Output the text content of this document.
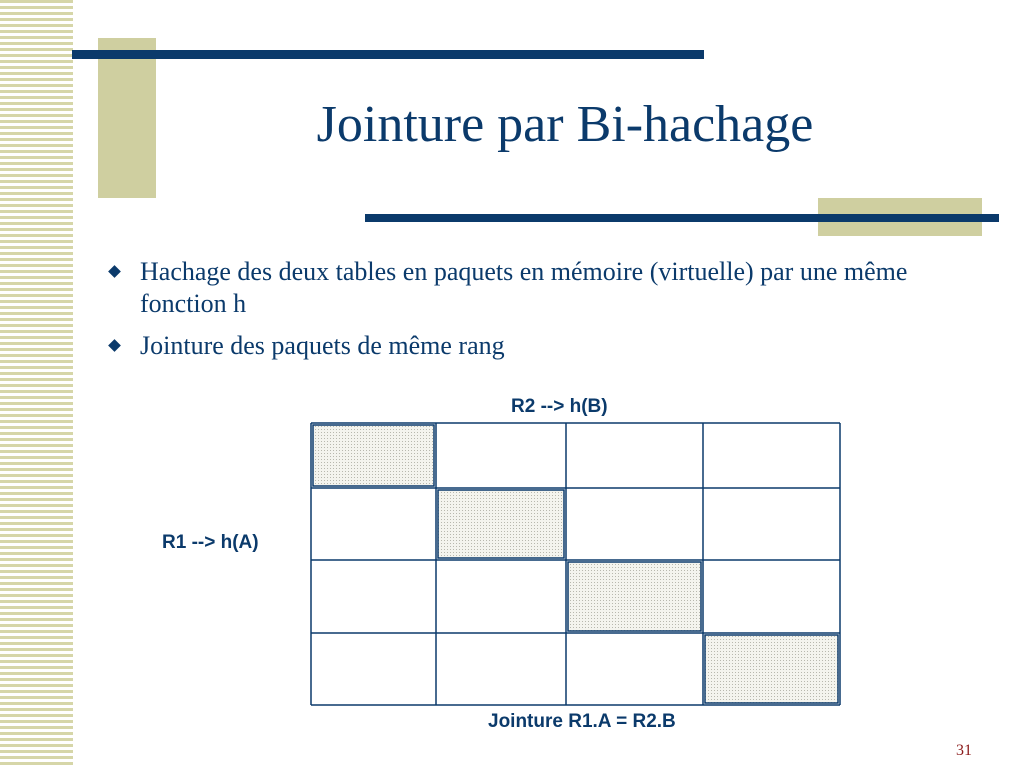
Jointure par Bi-hachage
Hachage des deux tables en paquets en mémoire (virtuelle) par une même fonction h
Jointure des paquets de même rang
R2 --> h(B)
R1 --> h(A)
Jointure R1.A = R2.B
31
